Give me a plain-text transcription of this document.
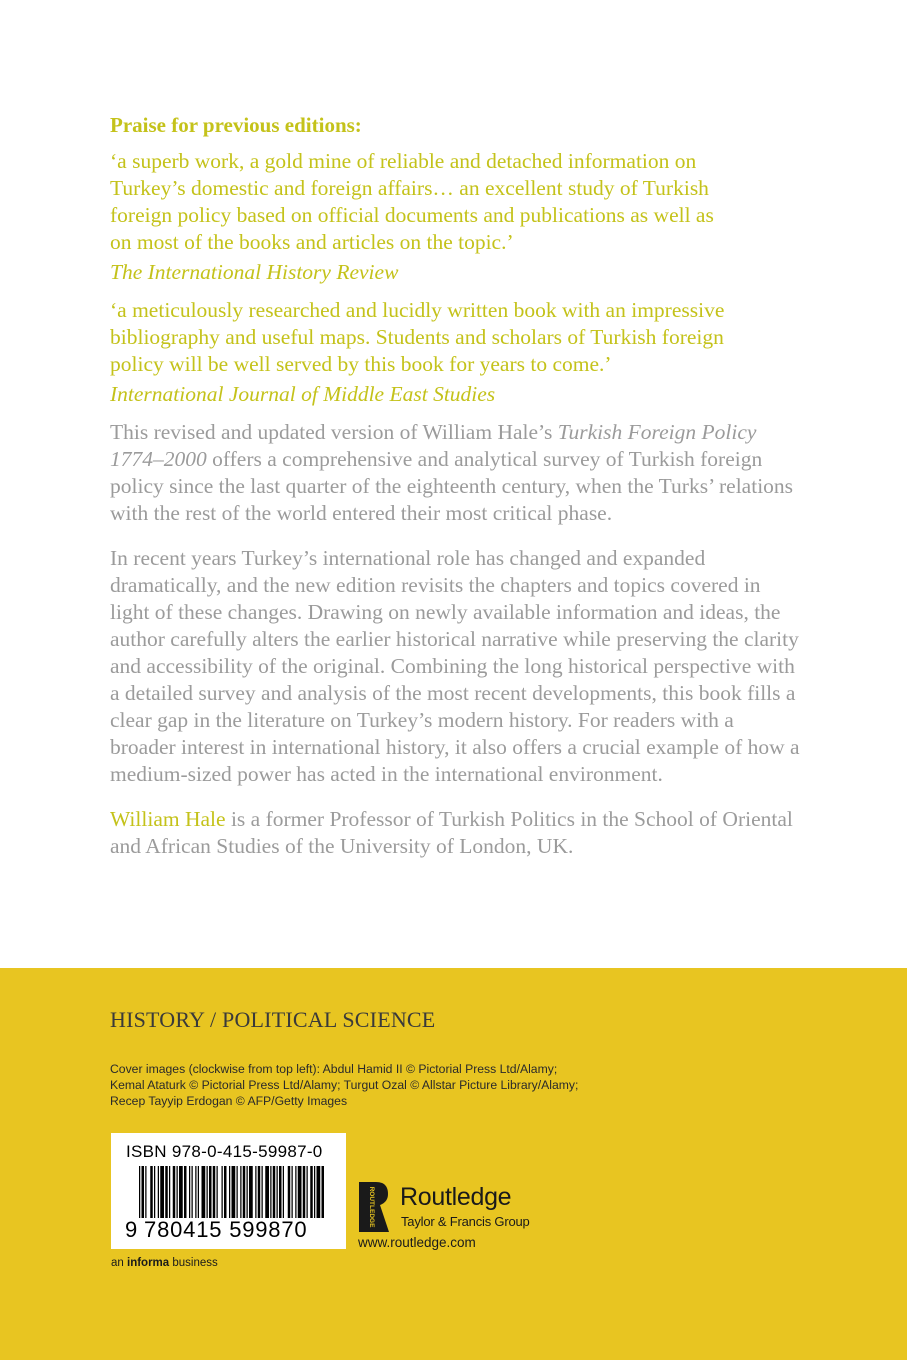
Praise for previous editions:
‘a superb work, a gold mine of reliable and detached information on
Turkey’s domestic and foreign affairs… an excellent study of Turkish
foreign policy based on official documents and publications as well as
on most of the books and articles on the topic.’
The International History Review
‘a meticulously researched and lucidly written book with an impressive
bibliography and useful maps. Students and scholars of Turkish foreign
policy will be well served by this book for years to come.’
International Journal of Middle East Studies

This revised and updated version of William Hale’s Turkish Foreign Policy 1774–2000 offers a comprehensive and analytical survey of Turkish foreign policy since the last quarter of the eighteenth century, when the Turks’ relations with the rest of the world entered their most critical phase.

In recent years Turkey’s international role has changed and expanded dramatically, and the new edition revisits the chapters and topics covered in light of these changes. Drawing on newly available information and ideas, the author carefully alters the earlier historical narrative while preserving the clarity and accessibility of the original. Combining the long historical perspective with a detailed survey and analysis of the most recent developments, this book fills a clear gap in the literature on Turkey’s modern history. For readers with a broader interest in international history, it also offers a crucial example of how a medium-sized power has acted in the international environment.

William Hale is a former Professor of Turkish Politics in the School of Oriental and African Studies of the University of London, UK.

HISTORY / POLITICAL SCIENCE
Cover images (clockwise from top left): Abdul Hamid II © Pictorial Press Ltd/Alamy;
Kemal Ataturk © Pictorial Press Ltd/Alamy; Turgut Ozal © Allstar Picture Library/Alamy;
Recep Tayyip Erdogan © AFP/Getty Images
ISBN 978-0-415-59987-0
9 780415 599870
an informa business
ROUTLEDGE Routledge
Taylor & Francis Group
www.routledge.com
